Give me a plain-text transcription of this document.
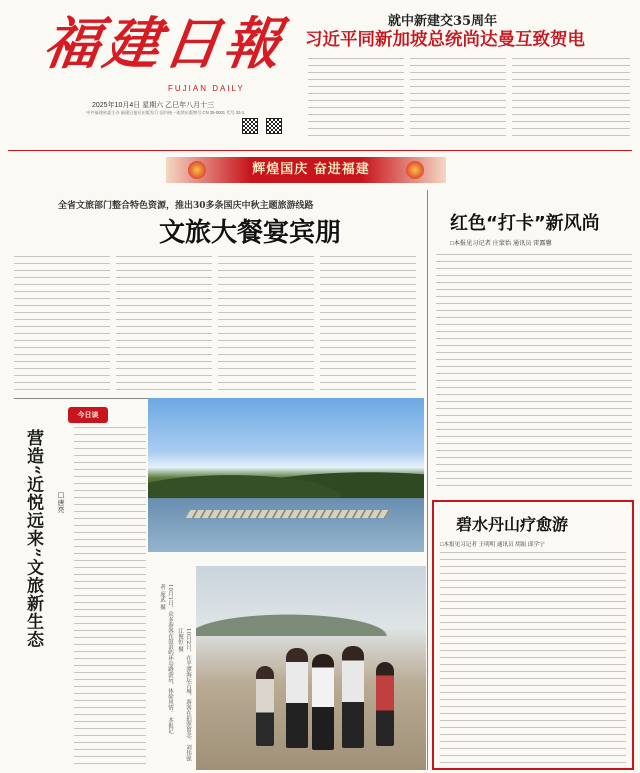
福建日報
FUJIAN DAILY
2025年10月4日 星期六 乙巳年八月十三
中共福建省委主办 福建日报社出版发行 国内统一连续出版物号 CN 35-0001 代号 33-1
就中新建交35周年
习近平同新加坡总统尚达曼互致贺电
辉煌国庆 奋进福建
全省文旅部门整合特色资源，推出30多条国庆中秋主题旅游线路
文旅大餐宴宾朋	红色“打卡”新风尚
□本报见习记者 庄蒙怡 通讯员 雷露馨
今日谈
营造“近悦远来”文旅新生态 □唐亮
10月1日，众多游客在鼓浪屿环岛路游玩、体验风情。 本报记者 庞武 摄
10月2日，在平潭海坛古城，游客在拍照留念。 刘伟强 江俊恒 摄
碧水丹山疗愈游
□本报见习记者 王明明 通讯员 胡振 邱学宁
